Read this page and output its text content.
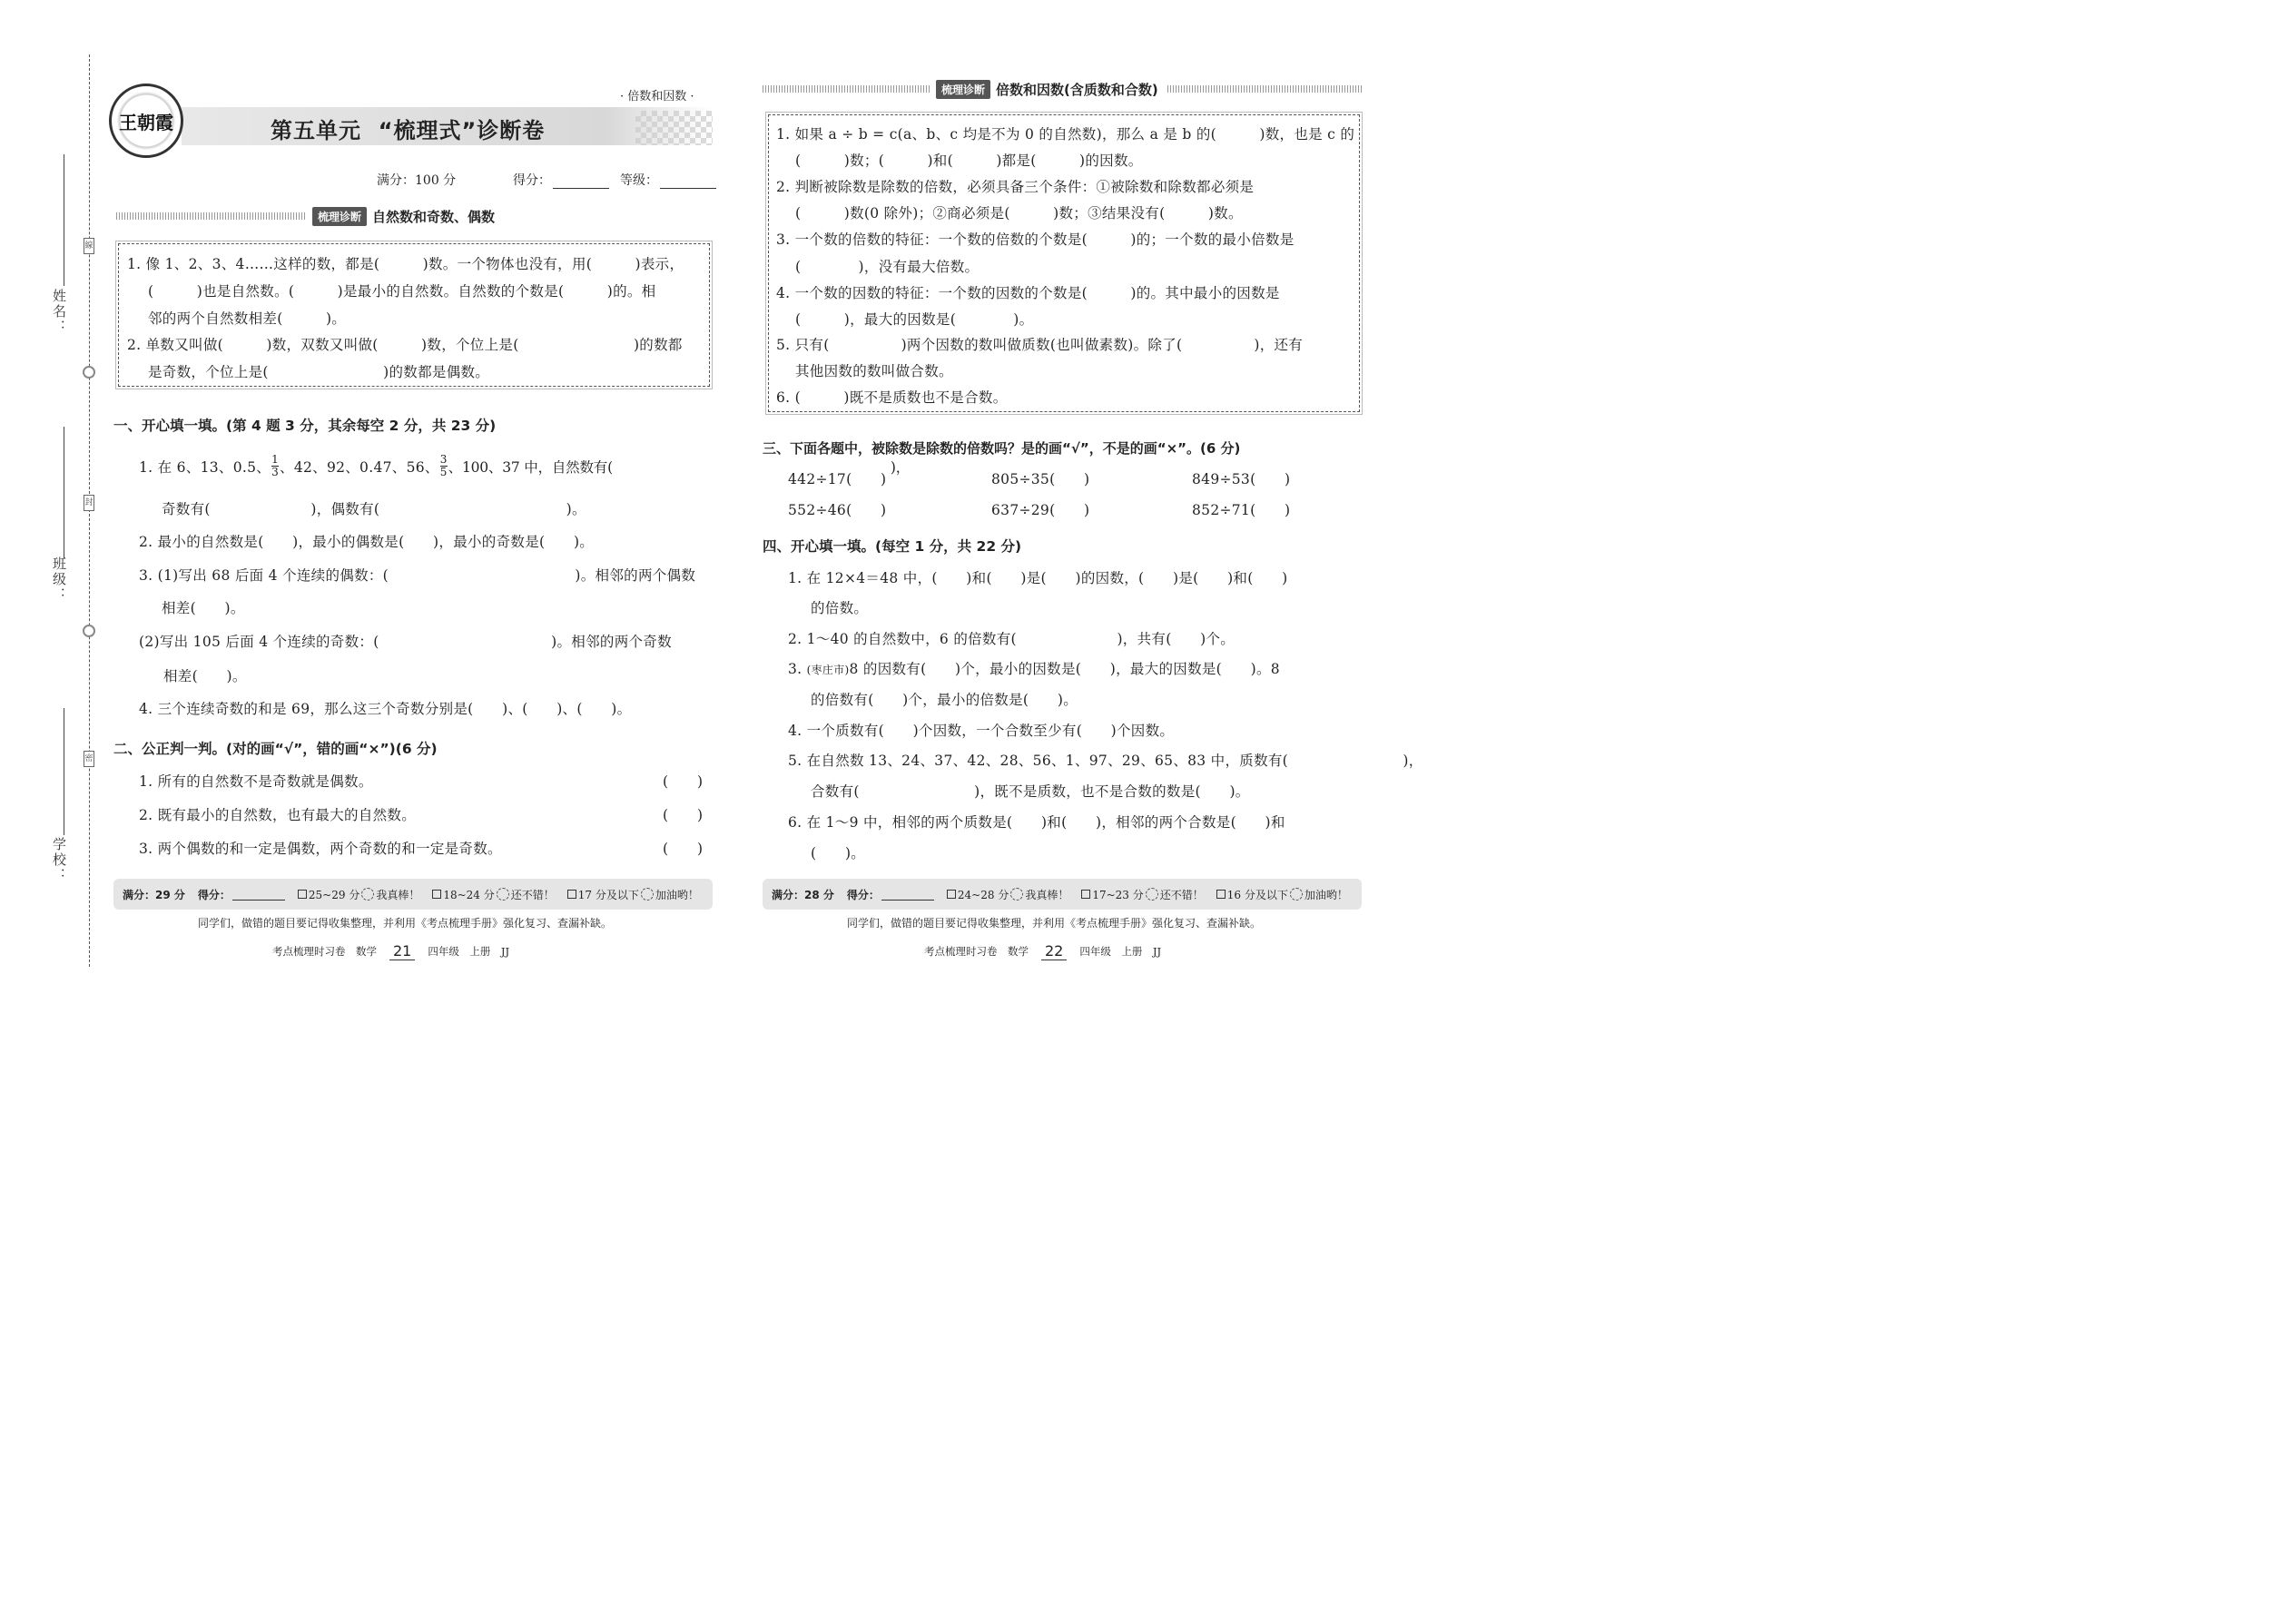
姓名：
班级：
学校：
線
封
密
王朝霞
· 倍数和因数 ·
第五单元  “梳理式”诊断卷
满分：100 分	得分：	等级：
梳理诊断 自然数和奇数、偶数
1. 像 1、2、3、4……这样的数，都是(　　　)数。一个物体也没有，用(　　　)表示，
(　　　)也是自然数。(　　　)是最小的自然数。自然数的个数是(　　　)的。相
邻的两个自然数相差(　　　)。
2. 单数又叫做(　　　)数，双数又叫做(　　　)数，个位上是(　　　　　　　　)的数都
是奇数，个位上是(　　　　　　　　)的数都是偶数。
一、开心填一填。(第 4 题 3 分，其余每空 2 分，共 23 分)
1. 在 6、13、0.5、 $\frac{1}{3}$ 、42、92、0.47、56、 $\frac{3}{5}$ 、100、37 中，自然数有(　　　　　　　　　　　　　　　　　　　　)，
奇数有(　　　　　　　)，偶数有(　　　　　　　　　　　　　)。
2. 最小的自然数是(　　)，最小的偶数是(　　)，最小的奇数是(　　)。
3. (1)写出 68 后面 4 个连续的偶数：(　　　　　　　　　　　　　)。相邻的两个偶数
相差(　　)。
(2)写出 105 后面 4 个连续的奇数：(　　　　　　　　　　　　)。相邻的两个奇数
相差(　　)。
4. 三个连续奇数的和是 69，那么这三个奇数分别是(　　)、(　　)、(　　)。
二、公正判一判。(对的画“√”，错的画“×”)(6 分)
1. 所有的自然数不是奇数就是偶数。	(　　)
2. 既有最小的自然数，也有最大的自然数。	(　　)
3. 两个偶数的和一定是偶数，两个奇数的和一定是奇数。	(　　)
满分：29 分 得分：	25~29 分 我真棒！ 18~24 分 还不错！ 17 分及以下 加油哟！
同学们，做错的题目要记得收集整理，并利用《考点梳理手册》强化复习、查漏补缺。
考点梳理时习卷　数学 21	四年级　上册　JJ
梳理诊断 倍数和因数(含质数和合数)
1. 如果 a ÷ b = c(a、b、c 均是不为 0 的自然数)，那么 a 是 b 的(　　　)数，也是 c 的
(　　　)数；(　　　)和(　　　)都是(　　　)的因数。
2. 判断被除数是除数的倍数，必须具备三个条件：①被除数和除数都必须是
(　　　)数(0 除外)；②商必须是(　　　)数；③结果没有(　　　)数。
3. 一个数的倍数的特征：一个数的倍数的个数是(　　　)的；一个数的最小倍数是
(　　　　)，没有最大倍数。
4. 一个数的因数的特征：一个数的因数的个数是(　　　)的。其中最小的因数是
(　　　)，最大的因数是(　　　　)。
5. 只有(　　　　　)两个因数的数叫做质数(也叫做素数)。除了(　　　　　)，还有
其他因数的数叫做合数。
6. (　　　)既不是质数也不是合数。
三、下面各题中，被除数是除数的倍数吗？是的画“√”，不是的画“×”。(6 分)
442÷17(　　)	805÷35(　　)	849÷53(　　)
552÷46(　　)	637÷29(　　)	852÷71(　　)
四、开心填一填。(每空 1 分，共 22 分)
1. 在 12×4＝48 中，(　　)和(　　)是(　　)的因数，(　　)是(　　)和(　　)
的倍数。
2. 1～40 的自然数中，6 的倍数有(　　　　　　　)，共有(　　)个。
3. (枣庄市)8 的因数有(　　)个，最小的因数是(　　)，最大的因数是(　　)。8
的倍数有(　　)个，最小的倍数是(　　)。
4. 一个质数有(　　)个因数，一个合数至少有(　　)个因数。
5. 在自然数 13、24、37、42、28、56、1、97、29、65、83 中，质数有(　　　　　　　　)，
合数有(　　　　　　　　)，既不是质数，也不是合数的数是(　　)。
6. 在 1～9 中，相邻的两个质数是(　　)和(　　)，相邻的两个合数是(　　)和
(　　)。
满分：28 分 得分：	24~28 分 我真棒！ 17~23 分 还不错！ 16 分及以下 加油哟！
同学们，做错的题目要记得收集整理，并利用《考点梳理手册》强化复习、查漏补缺。
考点梳理时习卷　数学 22	四年级　上册　JJ
